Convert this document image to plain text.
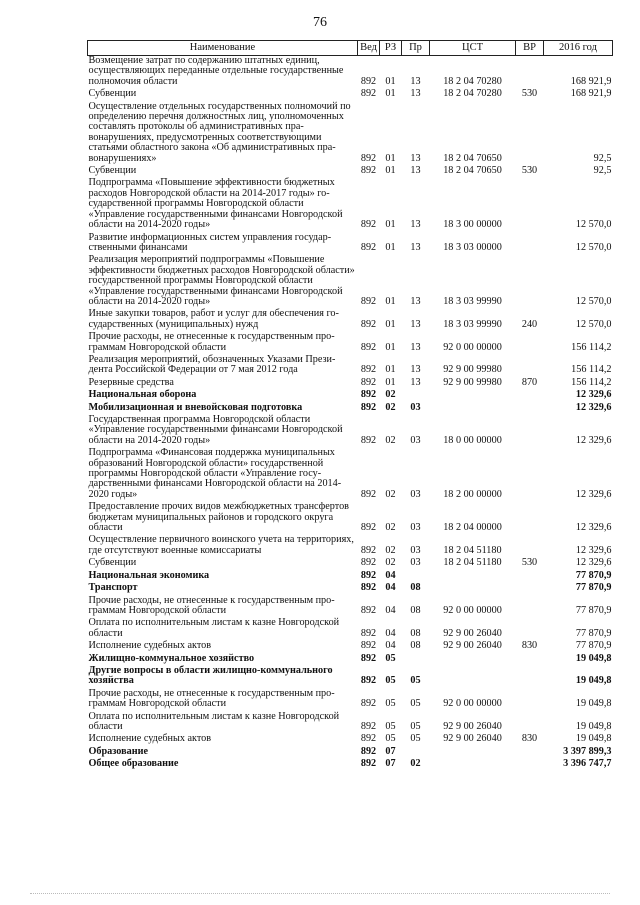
76
Наименование	Вед	РЗ	Пр	ЦСТ	ВР	2016 год
Возмещение затрат по содержанию штатных единиц, осуществляющих переданные отдельные государственные полномочия области	892	01	13	18 2 04 70280		168 921,9
Субвенции	892	01	13	18 2 04 70280	530	168 921,9
Осуществление отдельных государственных полномочий по определению перечня должностных лиц, уполномоченных составлять протоколы об административных правонарушениях, предусмотренных соответствующими статьями областного закона «Об административных правонарушениях»	892	01	13	18 2 04 70650		92,5
Субвенции	892	01	13	18 2 04 70650	530	92,5
Подпрограмма «Повышение эффективности бюджетных расходов Новгородской области на 2014-2017 годы» государственной программы Новгородской области «Управление государственными финансами Новгородской области на 2014-2020 годы»	892	01	13	18 3 00 00000		12 570,0
Развитие информационных систем управления государственными финансами	892	01	13	18 3 03 00000		12 570,0
Реализация мероприятий подпрограммы «Повышение эффективности бюджетных расходов Новгородской области» государственной программы Новгородской области «Управление государственными финансами Новгородской области на 2014-2020 годы»	892	01	13	18 3 03 99990		12 570,0
Иные закупки товаров, работ и услуг для обеспечения государственных (муниципальных) нужд	892	01	13	18 3 03 99990	240	12 570,0
Прочие расходы, не отнесенные к государственным программам Новгородской области	892	01	13	92 0 00 00000		156 114,2
Реализация мероприятий, обозначенных Указами Президента Российской Федерации от 7 мая 2012 года	892	01	13	92 9 00 99980		156 114,2
Резервные средства	892	01	13	92 9 00 99980	870	156 114,2
Национальная оборона	892	02				12 329,6
Мобилизационная и вневойсковая подготовка	892	02	03			12 329,6
Государственная программа Новгородской области «Управление государственными финансами Новгородской области на 2014-2020 годы»	892	02	03	18 0 00 00000		12 329,6
Подпрограмма «Финансовая поддержка муниципальных образований Новгородской области» государственной программы Новгородской области «Управление государственными финансами Новгородской области на 2014-2020 годы»	892	02	03	18 2 00 00000		12 329,6
Предоставление прочих видов межбюджетных трансфертов бюджетам муниципальных районов и городского округа области	892	02	03	18 2 04 00000		12 329,6
Осуществление первичного воинского учета на территориях, где отсутствуют военные комиссариаты	892	02	03	18 2 04 51180		12 329,6
Субвенции	892	02	03	18 2 04 51180	530	12 329,6
Национальная экономика	892	04				77 870,9
Транспорт	892	04	08			77 870,9
Прочие расходы, не отнесенные к государственным программам Новгородской области	892	04	08	92 0 00 00000		77 870,9
Оплата по исполнительным листам к казне Новгородской области	892	04	08	92 9 00 26040		77 870,9
Исполнение судебных актов	892	04	08	92 9 00 26040	830	77 870,9
Жилищно-коммунальное хозяйство	892	05				19 049,8
Другие вопросы в области жилищно-коммунального хозяйства	892	05	05			19 049,8
Прочие расходы, не отнесенные к государственным программам Новгородской области	892	05	05	92 0 00 00000		19 049,8
Оплата по исполнительным листам к казне Новгородской области	892	05	05	92 9 00 26040		19 049,8
Исполнение судебных актов	892	05	05	92 9 00 26040	830	19 049,8
Образование	892	07				3 397 899,3
Общее образование	892	07	02			3 396 747,7
